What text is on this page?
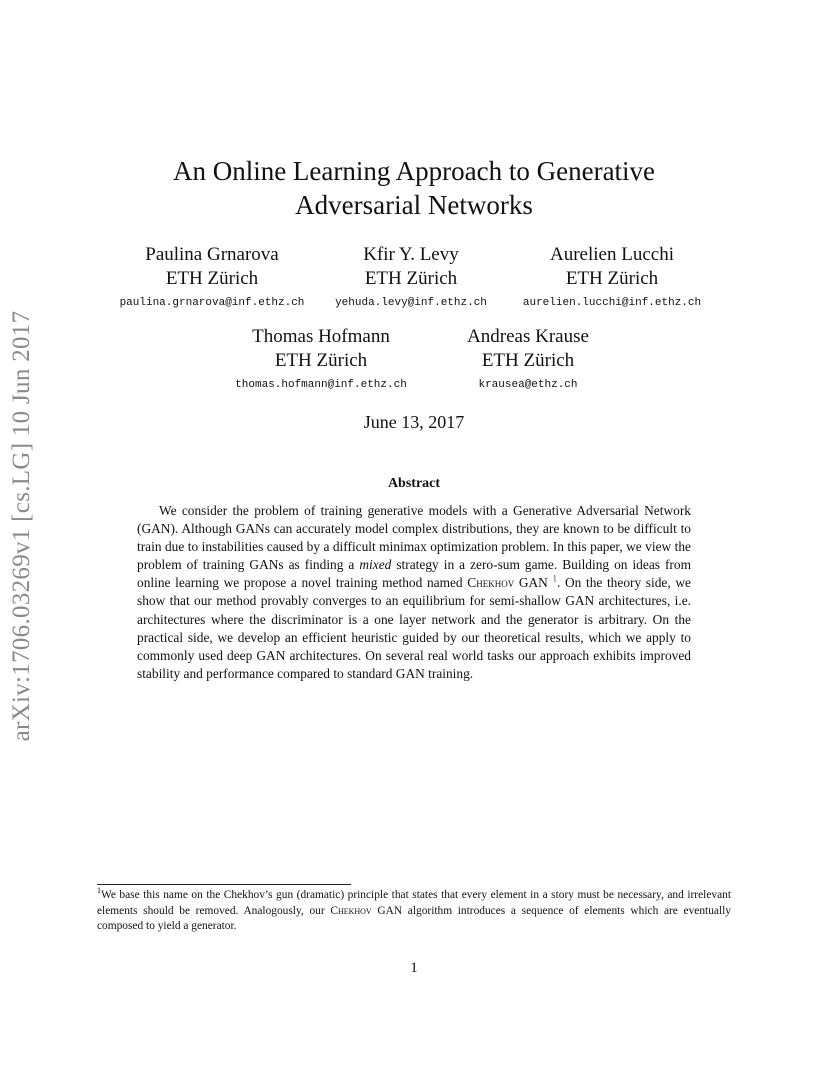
arXiv:1706.03269v1 [cs.LG] 10 Jun 2017
An Online Learning Approach to Generative
Adversarial Networks
Paulina Grnarova
ETH Zürich
paulina.grnarova@inf.ethz.ch
Kfir Y. Levy
ETH Zürich
yehuda.levy@inf.ethz.ch
Aurelien Lucchi
ETH Zürich
aurelien.lucchi@inf.ethz.ch
Thomas Hofmann
ETH Zürich
thomas.hofmann@inf.ethz.ch
Andreas Krause
ETH Zürich
krausea@ethz.ch
June 13, 2017
Abstract
We consider the problem of training generative models with a Generative Adversarial Network (GAN). Although GANs can accurately model complex distributions, they are known to be difficult to train due to instabilities caused by a difficult minimax optimization problem. In this paper, we view the problem of training GANs as finding a mixed strategy in a zero-sum game. Building on ideas from online learning we propose a novel training method named Chekhov GAN $^1$. On the theory side, we show that our method provably converges to an equilibrium for semi-shallow GAN architectures, i.e. architectures where the discriminator is a one layer network and the generator is arbitrary. On the practical side, we develop an efficient heuristic guided by our theoretical results, which we apply to commonly used deep GAN architectures. On several real world tasks our approach exhibits improved stability and performance compared to standard GAN training.
$^1$We base this name on the Chekhov’s gun (dramatic) principle that states that every element in a story must be necessary, and irrelevant elements should be removed. Analogously, our Chekhov GAN algorithm introduces a sequence of elements which are eventually composed to yield a generator.
1
